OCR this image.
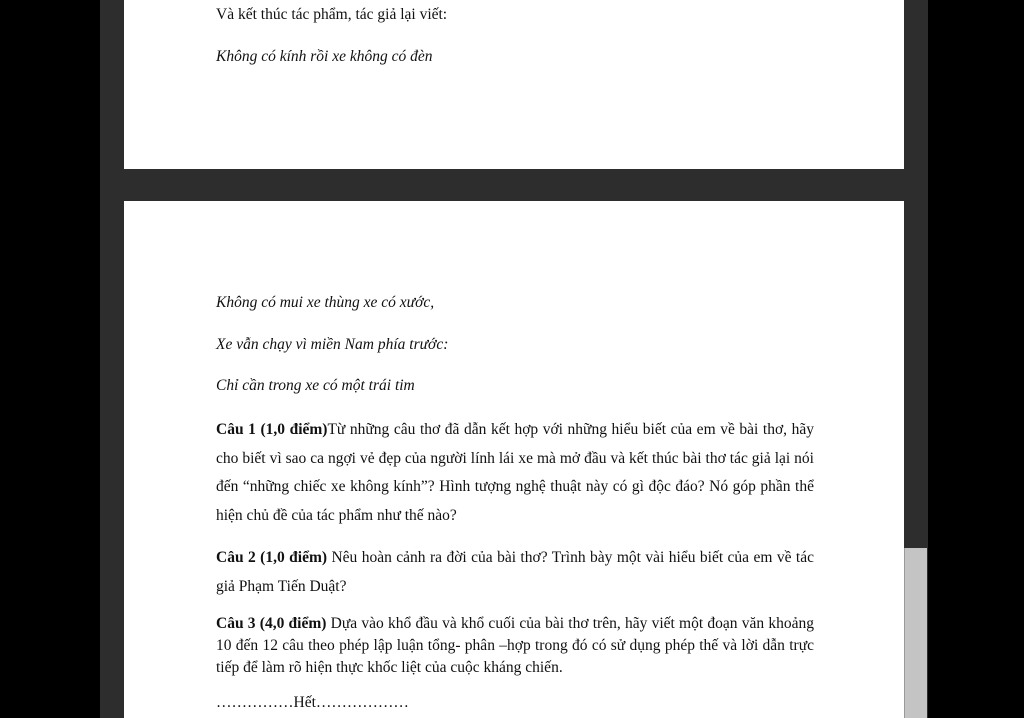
Và kết thúc tác phẩm, tác giả lại viết:

Không có kính rồi xe không có đèn

Không có mui xe thùng xe có xước,

Xe vẫn chạy vì miền Nam phía trước:

Chỉ cần trong xe có một trái tim

Câu 1 (1,0 điểm)Từ những câu thơ đã dẫn kết hợp với những hiểu biết của em về bài thơ, hãy cho biết vì sao ca ngợi vẻ đẹp của người lính lái xe mà mở đầu và kết thúc bài thơ tác giả lại nói đến “những chiếc xe không kính”? Hình tượng nghệ thuật này có gì độc đáo? Nó góp phần thể hiện chủ đề của tác phẩm như thế nào?

Câu 2 (1,0 điểm) Nêu hoàn cảnh ra đời của bài thơ? Trình bày một vài hiểu biết của em về tác giả Phạm Tiến Duật?

Câu 3 (4,0 điểm) Dựa vào khổ đầu và khổ cuối của bài thơ trên, hãy viết một đoạn văn khoảng 10 đến 12 câu theo phép lập luận tổng- phân –hợp trong đó có sử dụng phép thế và lời dẫn trực tiếp để làm rõ hiện thực khốc liệt của cuộc kháng chiến.

……………Hết………………
